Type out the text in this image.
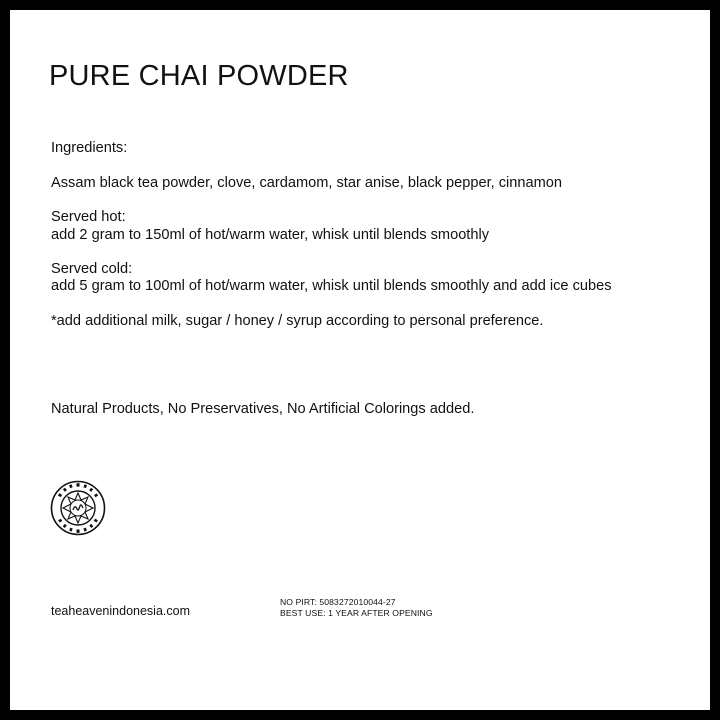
PURE CHAI POWDER

Ingredients:

Assam black tea powder, clove, cardamom, star anise, black pepper, cinnamon

Served hot:

add 2 gram to 150ml of hot/warm water, whisk until blends smoothly

Served cold:

add 5 gram to 100ml of hot/warm water, whisk until blends smoothly and add ice cubes

*add additional milk, sugar / honey / syrup according to personal preference.

Natural Products, No Preservatives, No Artificial Colorings added.

teaheavenindonesia.com

NO PIRT: 5083272010044-27
BEST USE: 1 YEAR AFTER OPENING
